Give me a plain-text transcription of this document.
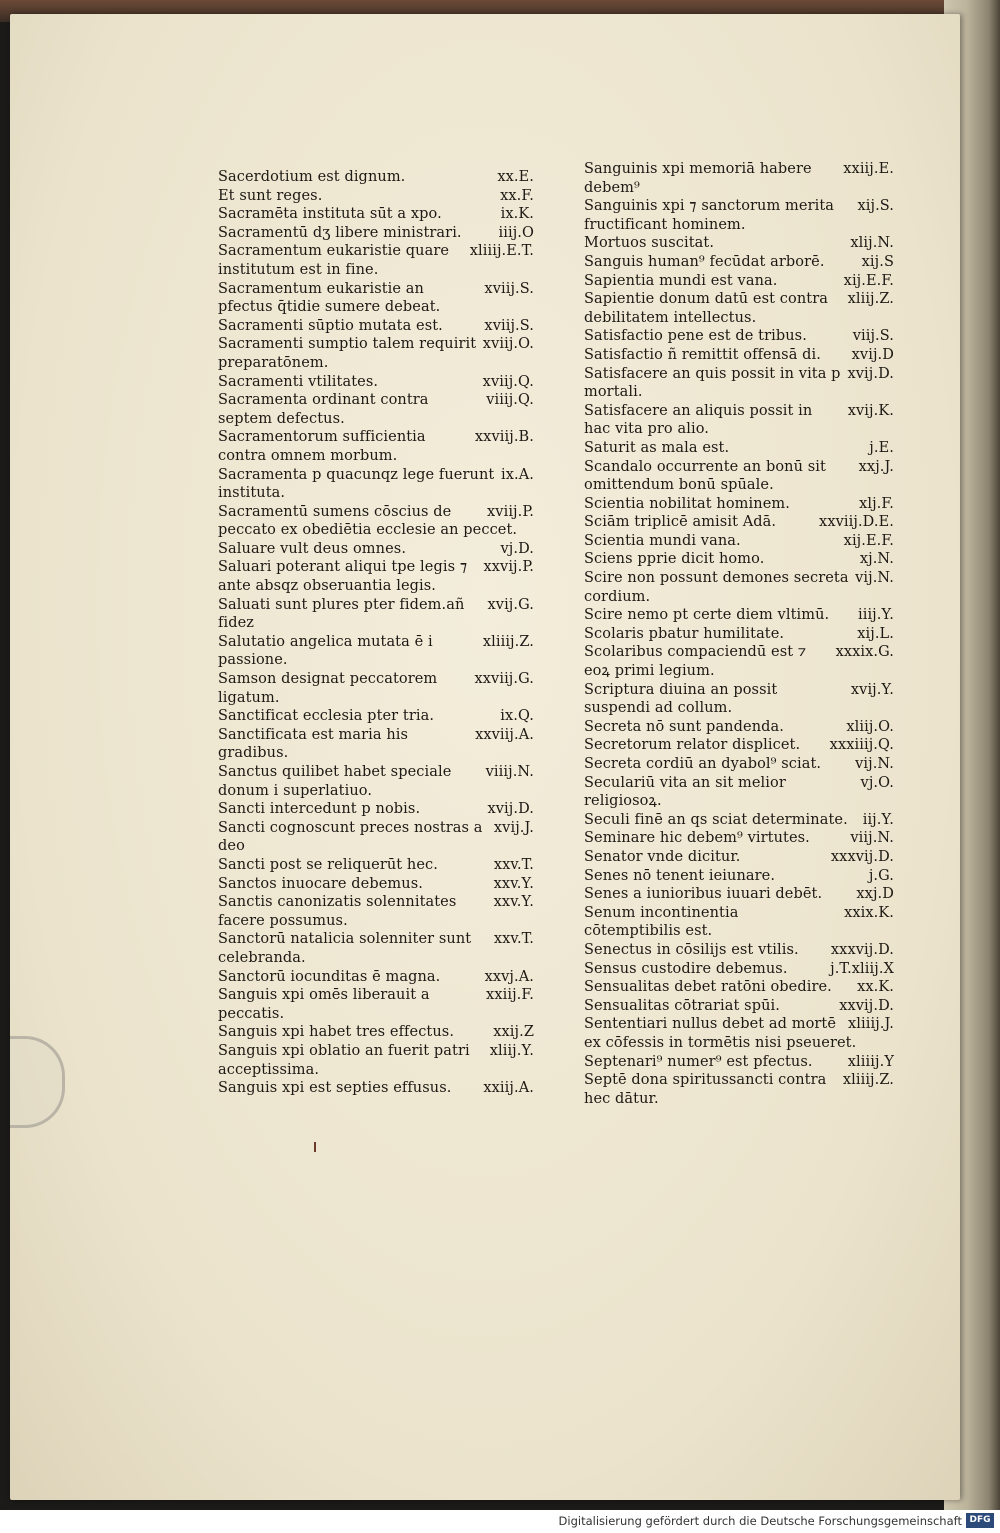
xx.E.
Sacerdotium est dignum.
xx.F.
Et sunt reges.
ix.K.
Sacramēta instituta sūt a xpo.
iiij.O
Sacramentū dʒ libere ministrari.
xliiij.E.T.
Sacramentum eukaristie quare institutum est in fine.
xviij.S.
Sacramentum eukaristie an pfectus q̄tidie sumere debeat.
xviij.S.
Sacramenti sūptio mutata est.
xviij.O.
Sacramenti sumptio talem requirit preparatōnem.
xviij.Q.
Sacramenti vtilitates.
viiij.Q.
Sacramenta ordinant contra septem defectus.
xxviij.B.
Sacramentorum sufficientia contra omnem morbum.
ix.A.
Sacramenta p quacunqz lege fuerunt instituta.
xviij.P.
Sacramentū sumens cōscius de peccato ex obediētia ecclesie an peccet.
vj.D.
Saluare vult deus omnes.
xxvij.P.
Saluari poterant aliqui tpe legis ⁊ ante absqz obseruantia legis.
xvij.G.
Saluati sunt plures pter fidem.añ fidez
xliiij.Z.
Salutatio angelica mutata ē i passione.
xxviij.G.
Samson designat peccatorem ligatum.
ix.Q.
Sanctificat ecclesia pter tria.
xxviij.A.
Sanctificata est maria his gradibus.
viiij.N.
Sanctus quilibet habet speciale donum i superlatiuo.
xvij.D.
Sancti intercedunt p nobis.
xvij.J.
Sancti cognoscunt preces nostras a deo
xxv.T.
Sancti post se reliquerūt hec.
xxv.Y.
Sanctos inuocare debemus.
xxv.Y.
Sanctis canonizatis solennitates facere possumus.
xxv.T.
Sanctorū natalicia solenniter sunt celebranda.
xxvj.A.
Sanctorū iocunditas ē magna.
xxiij.F.
Sanguis xpi omēs liberauit a peccatis.
xxij.Z
Sanguis xpi habet tres effectus.
xliij.Y.
Sanguis xpi oblatio an fuerit patri acceptissima.
xxiij.A.
Sanguis xpi est septies effusus.
xxiij.E.
Sanguinis xpi memoriā habere debem⁹
xij.S.
Sanguinis xpi ⁊ sanctorum merita fructificant hominem.
xlij.N.
Mortuos suscitat.
xij.S
Sanguis human⁹ fecūdat arborē.
xij.E.F.
Sapientia mundi est vana.
xliij.Z.
Sapientie donum datū est contra debilitatem intellectus.
viij.S.
Satisfactio pene est de tribus.
xvij.D
Satisfactio ñ remittit offensā di.
xvij.D.
Satisfacere an quis possit in vita p mortali.
xvij.K.
Satisfacere an aliquis possit in hac vita pro alio.
j.E.
Saturit as mala est.
xxj.J.
Scandalo occurrente an bonū sit omittendum bonū spūale.
xlj.F.
Scientia nobilitat hominem.
xxviij.D.E.
Sciām triplicē amisit Adā.
xij.E.F.
Scientia mundi vana.
xj.N.
Sciens pprie dicit homo.
vij.N.
Scire non possunt demones secreta cordium.
iiij.Y.
Scire nemo pt certe diem vltimū.
xij.L.
Scolaris pbatur humilitate.
xxxix.G.
Scolaribus compaciendū est ⁊ eoꝝ primi legium.
xvij.Y.
Scriptura diuina an possit suspendi ad collum.
xliij.O.
Secreta nō sunt pandenda.
xxxiiij.Q.
Secretorum relator displicet.
vij.N.
Secreta cordiū an dyabol⁹ sciat.
vj.O.
Seculariū vita an sit melior religiosoꝝ.
iij.Y.
Seculi finē an qs sciat determinate.
viij.N.
Seminare hic debem⁹ virtutes.
xxxvij.D.
Senator vnde dicitur.
j.G.
Senes nō tenent ieiunare.
xxj.D
Senes a iunioribus iuuari debēt.
xxix.K.
Senum incontinentia cōtemptibilis est.
xxxvij.D.
Senectus in cōsilijs est vtilis.
j.T.xliij.X
Sensus custodire debemus.
xx.K.
Sensualitas debet ratōni obedire.
xxvij.D.
Sensualitas cōtrariat spūi.
xliiij.J.
Sententiari nullus debet ad mortē ex cōfessis in tormētis nisi pseueret.
xliiij.Y
Septenari⁹ numer⁹ est pfectus.
xliiij.Z.
Septē dona spiritussancti contra hec dātur.
Digitalisierung gefördert durch die Deutsche Forschungsgemeinschaft DFG
